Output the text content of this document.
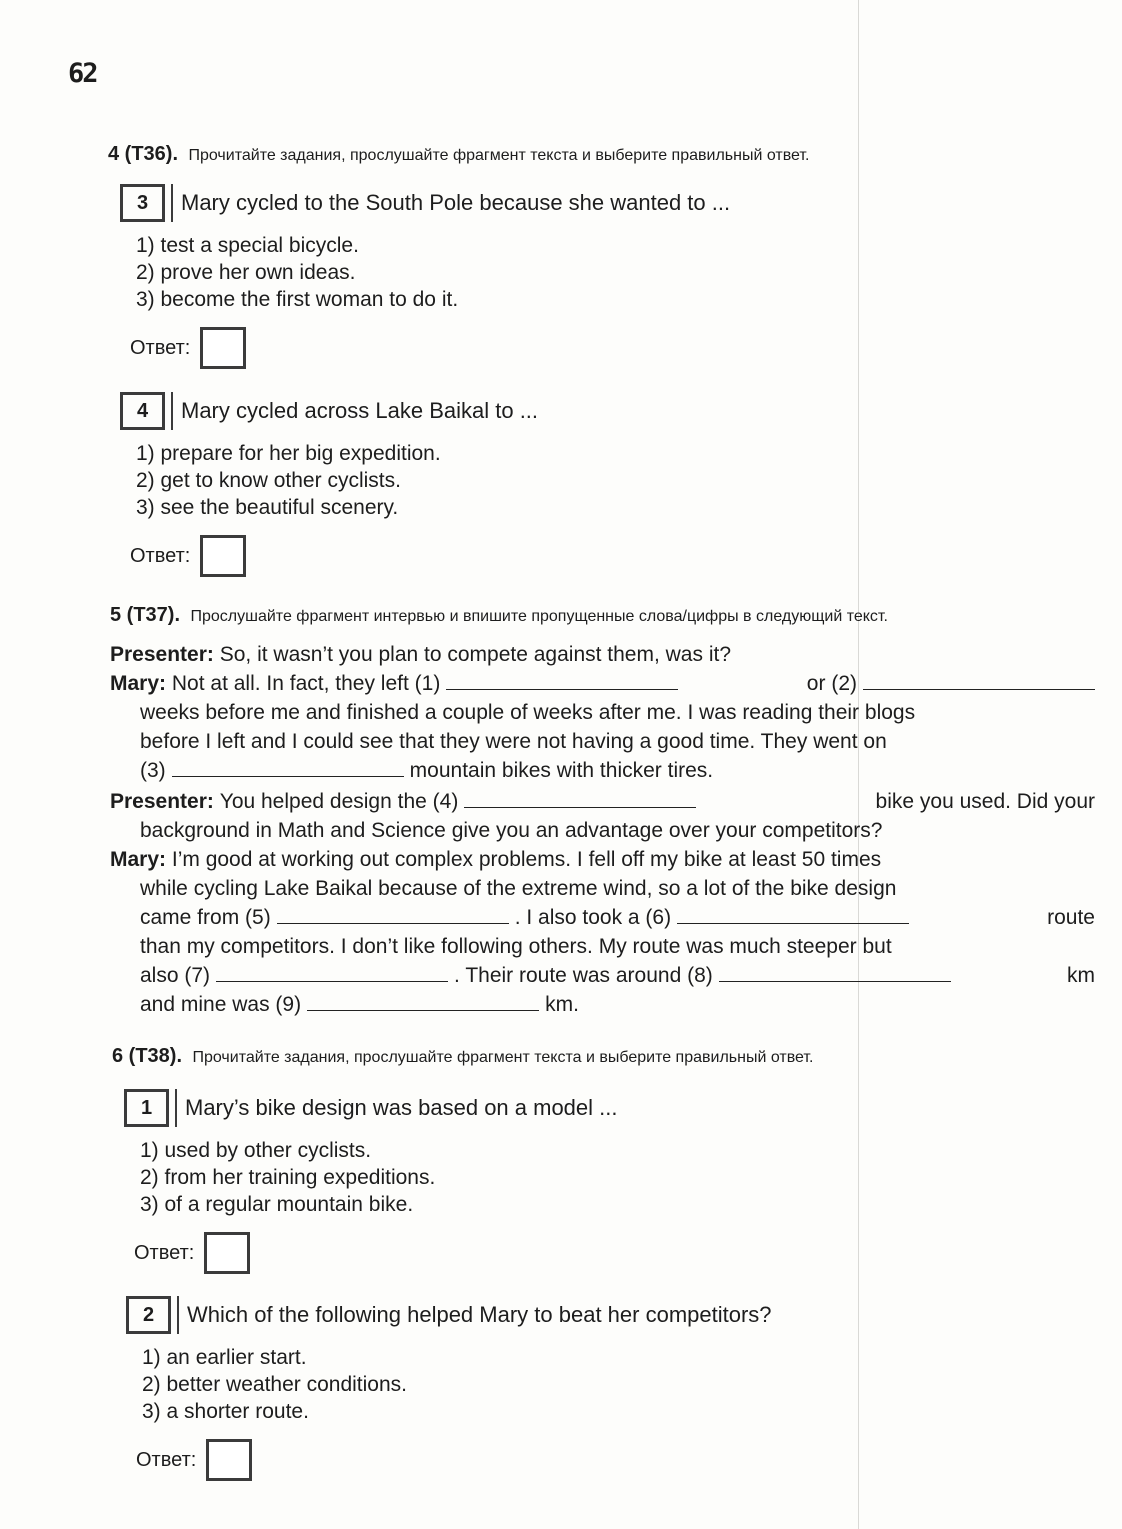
62
4 (T36). Прочитайте задания, прослушайте фрагмент текста и выберите правильный ответ.
3	Mary cycled to the South Pole because she wanted to ...
1) test a special bicycle.
2) prove her own ideas.
3) become the first woman to do it.
Ответ:
4	Mary cycled across Lake Baikal to ...
1) prepare for her big expedition.
2) get to know other cyclists.
3) see the beautiful scenery.
Ответ:
5 (T37). Прослушайте фрагмент интервью и впишите пропущенные слова/цифры в следующий текст.
Presenter:
So, it wasn’t you plan to compete against them, was it?
Mary: Not at all. In fact, they left (1)	or (2)
weeks before me and finished a couple of weeks after me. I was reading their blogs
before I left and I could see that they were not having a good time. They went on
(3)	mountain bikes with thicker tires.
Presenter: You helped design the (4)	bike you used. Did your
background in Math and Science give you an advantage over your competitors?
Mary: I’m good at working out complex problems. I fell off my bike at least 50 times
while cycling Lake Baikal because of the extreme wind, so a lot of the bike design
came from (5)	. I also took a (6)	route
than my competitors. I don’t like following others. My route was much steeper but
also (7)	. Their route was around (8)	km
and mine was (9)	km.
6 (T38). Прочитайте задания, прослушайте фрагмент текста и выберите правильный ответ.
1	Mary’s bike design was based on a model ...
1) used by other cyclists.
2) from her training expeditions.
3) of a regular mountain bike.
Ответ:
2	Which of the following helped Mary to beat her competitors?
1) an earlier start.
2) better weather conditions.
3) a shorter route.
Ответ:
